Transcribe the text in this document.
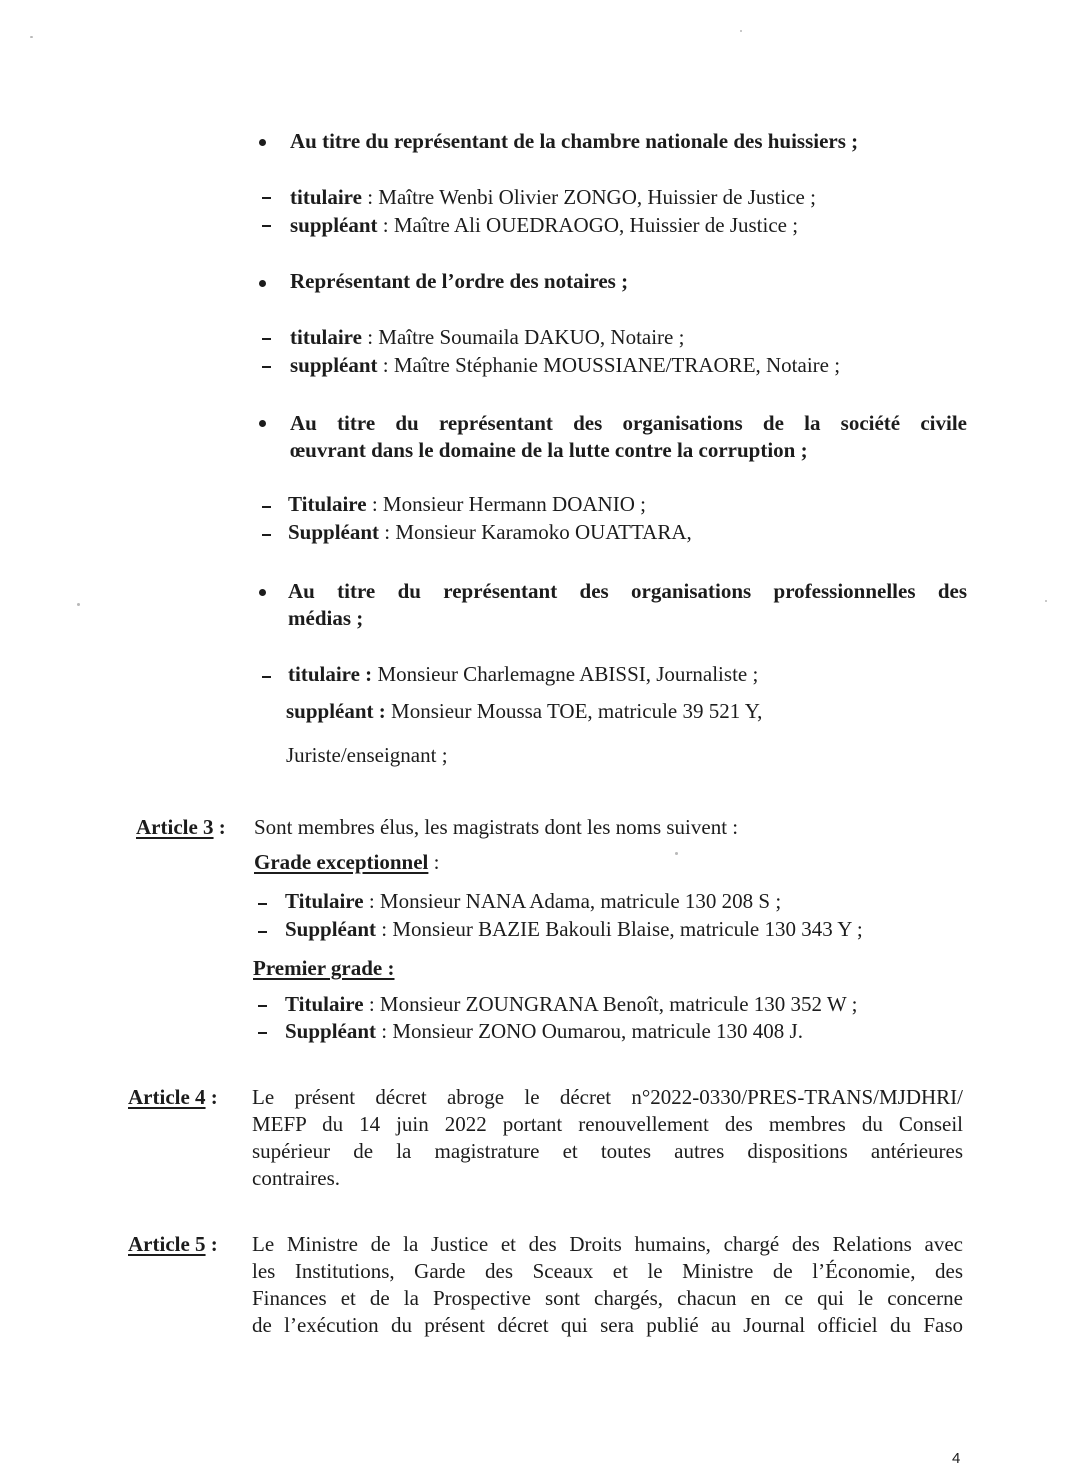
Au titre du représentant de la chambre nationale des huissiers ;
titulaire : Maître Wenbi Olivier ZONGO, Huissier de Justice ;
suppléant : Maître Ali OUEDRAOGO, Huissier de Justice ;
Représentant de l’ordre des notaires ;
titulaire : Maître Soumaila DAKUO, Notaire ;
suppléant : Maître Stéphanie MOUSSIANE/TRAORE, Notaire ;
Au titre du représentant des organisations de la société civile
œuvrant dans le domaine de la lutte contre la corruption ;
Titulaire : Monsieur Hermann DOANIO ;
Suppléant : Monsieur Karamoko OUATTARA,
Au titre du représentant des organisations professionnelles des
médias ;
titulaire : Monsieur Charlemagne ABISSI, Journaliste ;
suppléant : Monsieur Moussa TOE, matricule 39 521 Y,
Juriste/enseignant ;
Article 3 : Sont membres élus, les magistrats dont les noms suivent :
Grade exceptionnel :
Titulaire : Monsieur NANA Adama, matricule 130 208 S ;
Suppléant : Monsieur BAZIE Bakouli Blaise, matricule 130 343 Y ;
Premier grade :
Titulaire : Monsieur ZOUNGRANA Benoît, matricule 130 352 W ;
Suppléant : Monsieur ZONO Oumarou, matricule 130 408 J.
Article 4 : Le présent décret abroge le décret n°2022-0330/PRES-TRANS/MJDHRI/
MEFP du 14 juin 2022 portant renouvellement des membres du Conseil
supérieur de la magistrature et toutes autres dispositions antérieures
contraires.
Article 5 : Le Ministre de la Justice et des Droits humains, chargé des Relations avec
les Institutions, Garde des Sceaux et le Ministre de l’Économie, des
Finances et de la Prospective sont chargés, chacun en ce qui le concerne
de l’exécution du présent décret qui sera publié au Journal officiel du Faso
4
